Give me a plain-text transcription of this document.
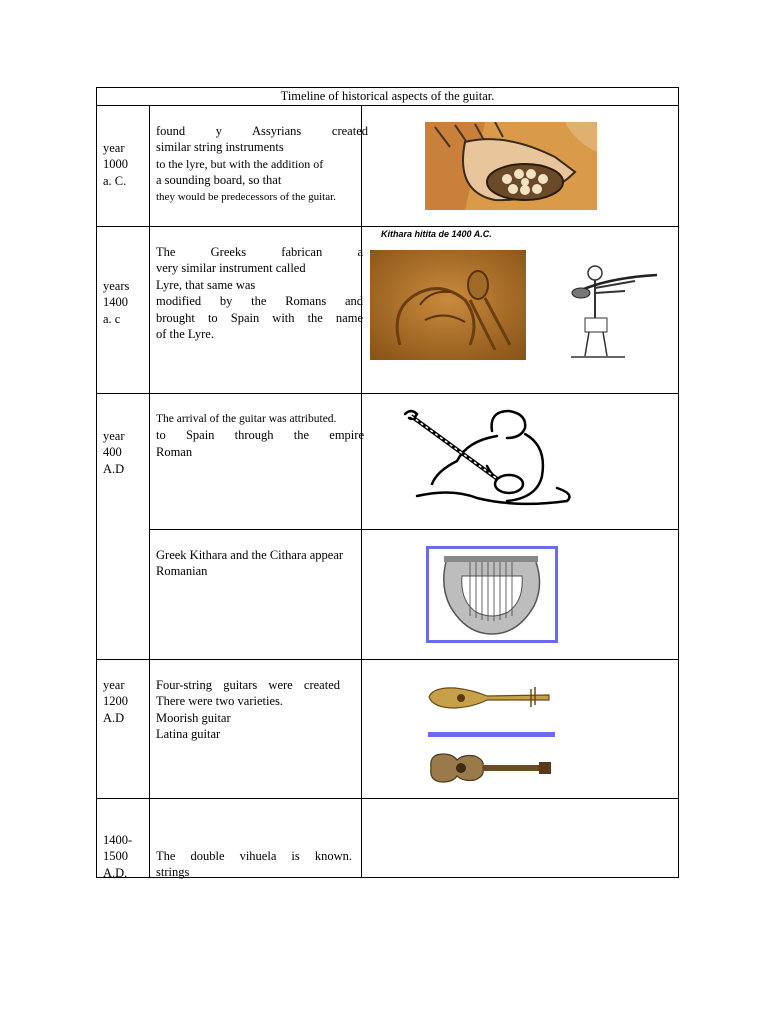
Timeline of historical aspects of the guitar.
year
1000
a. C.
found y Assyrians created
similar string instruments
to the lyre, but with the addition of
a sounding board, so that
they would be predecessors of the guitar.
years
1400
a. c
The Greeks fabrican a
very similar instrument called
Lyre, that same was
modified by the Romans and
brought to Spain with the name
of the Lyre.
Kithara hitita de 1400 A.C.
year
400
A.D
The arrival of the guitar was attributed.
to Spain through the empire
Roman
Greek Kithara and the Cithara appear
Romanian
year
1200
A.D
Four-string guitars were created
There were two varieties.
Moorish guitar
Latina guitar
1400-
1500
A.D.
The double vihuela is known.
strings
